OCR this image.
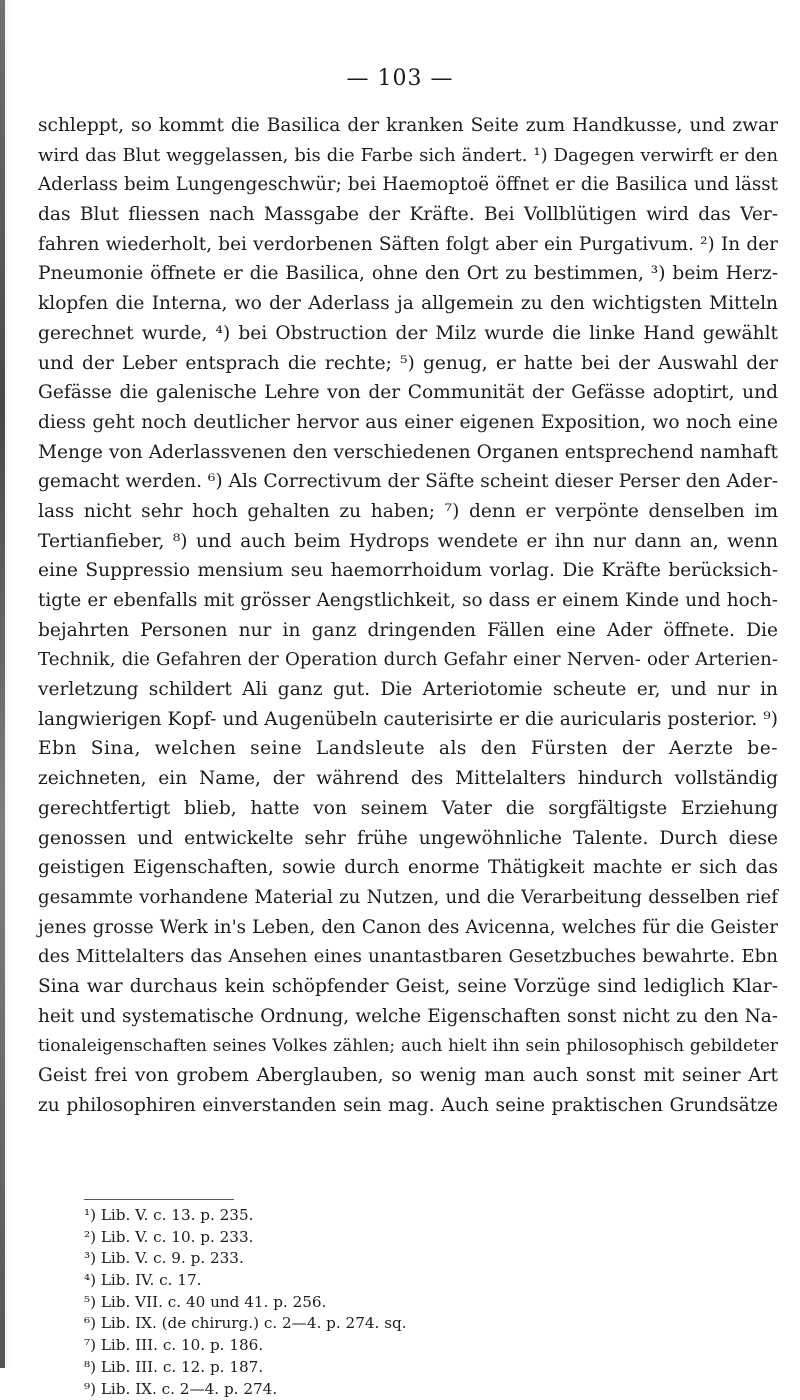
— 103 —
schleppt, so kommt die Basilica der kranken Seite zum Handkusse, und zwar
wird das Blut weggelassen, bis die Farbe sich ändert. ¹) Dagegen verwirft er den
Aderlass beim Lungengeschwür; bei Haemoptoë öffnet er die Basilica und lässt
das Blut fliessen nach Massgabe der Kräfte. Bei Vollblütigen wird das Ver-
fahren wiederholt, bei verdorbenen Säften folgt aber ein Purgativum. ²) In der
Pneumonie öffnete er die Basilica, ohne den Ort zu bestimmen, ³) beim Herz-
klopfen die Interna, wo der Aderlass ja allgemein zu den wichtigsten Mitteln
gerechnet wurde, ⁴) bei Obstruction der Milz wurde die linke Hand gewählt
und der Leber entsprach die rechte; ⁵) genug, er hatte bei der Auswahl der
Gefässe die galenische Lehre von der Communität der Gefässe adoptirt, und
diess geht noch deutlicher hervor aus einer eigenen Exposition, wo noch eine
Menge von Aderlassvenen den verschiedenen Organen entsprechend namhaft
gemacht werden. ⁶) Als Correctivum der Säfte scheint dieser Perser den Ader-
lass nicht sehr hoch gehalten zu haben; ⁷) denn er verpönte denselben im
Tertianfieber, ⁸) und auch beim Hydrops wendete er ihn nur dann an, wenn
eine Suppressio mensium seu haemorrhoidum vorlag. Die Kräfte berücksich-
tigte er ebenfalls mit grösser Aengstlichkeit, so dass er einem Kinde und hoch-
bejahrten Personen nur in ganz dringenden Fällen eine Ader öffnete. Die
Technik, die Gefahren der Operation durch Gefahr einer Nerven- oder Arterien-
verletzung schildert Ali ganz gut. Die Arteriotomie scheute er, und nur in
langwierigen Kopf- und Augenübeln cauterisirte er die auricularis posterior. ⁹)
Ebn Sina, welchen seine Landsleute als den Fürsten der Aerzte be-
zeichneten, ein Name, der während des Mittelalters hindurch vollständig
gerechtfertigt blieb, hatte von seinem Vater die sorgfältigste Erziehung
genossen und entwickelte sehr frühe ungewöhnliche Talente. Durch diese
geistigen Eigenschaften, sowie durch enorme Thätigkeit machte er sich das
gesammte vorhandene Material zu Nutzen, und die Verarbeitung desselben rief
jenes grosse Werk in's Leben, den Canon des Avicenna, welches für die Geister
des Mittelalters das Ansehen eines unantastbaren Gesetzbuches bewahrte. Ebn
Sina war durchaus kein schöpfender Geist, seine Vorzüge sind lediglich Klar-
heit und systematische Ordnung, welche Eigenschaften sonst nicht zu den Na-
tionaleigenschaften seines Volkes zählen; auch hielt ihn sein philosophisch gebildeter
Geist frei von grobem Aberglauben, so wenig man auch sonst mit seiner Art
zu philosophiren einverstanden sein mag. Auch seine praktischen Grundsätze
¹) Lib. V. c. 13. p. 235.
²) Lib. V. c. 10. p. 233.
³) Lib. V. c. 9. p. 233.
⁴) Lib. IV. c. 17.
⁵) Lib. VII. c. 40 und 41. p. 256.
⁶) Lib. IX. (de chirurg.) c. 2—4. p. 274. sq.
⁷) Lib. III. c. 10. p. 186.
⁸) Lib. III. c. 12. p. 187.
⁹) Lib. IX. c. 2—4. p. 274.
